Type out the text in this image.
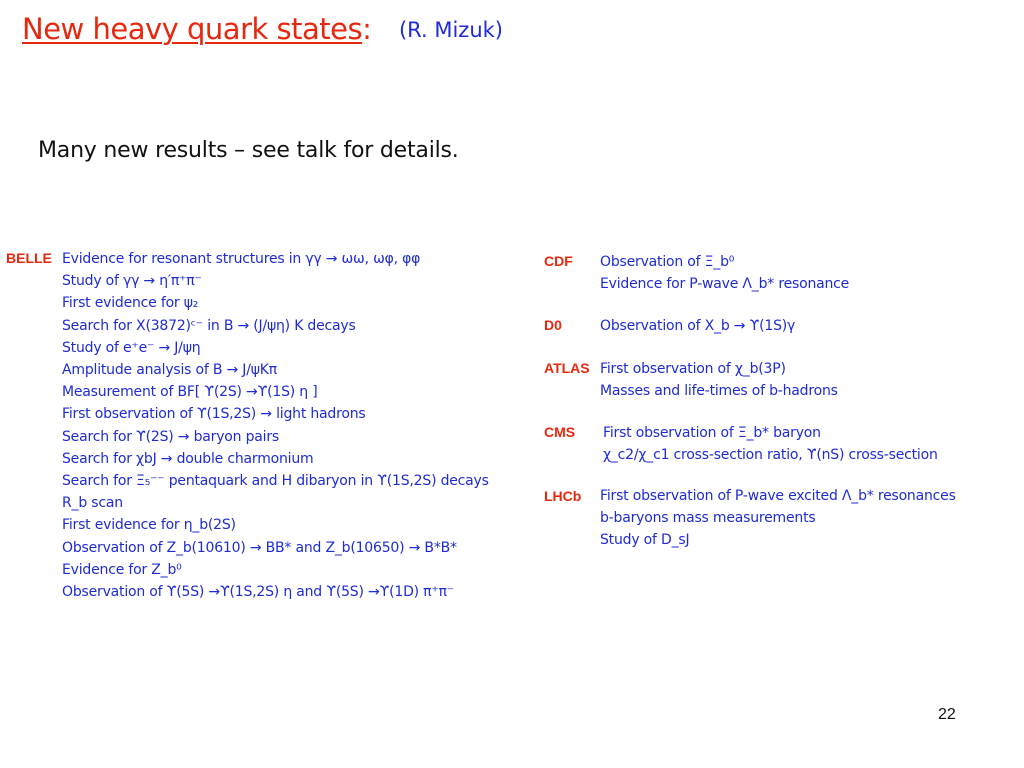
New heavy quark states: (R. Mizuk)
Many new results – see talk for details.
BELLE Evidence for resonant structures in γγ → ωω, ωφ, φφ
Study of γγ → η′π⁺π⁻
First evidence for ψ₂
Search for X(3872)ᶜ⁻ in B → (J/ψη) K decays
Study of e⁺e⁻ → J/ψη
Amplitude analysis of B → J/ψKπ
Measurement of BF[ ϒ(2S) →ϒ(1S) η ]
First observation of ϒ(1S,2S) → light hadrons
Search for ϒ(2S) → baryon pairs
Search for χbJ → double charmonium
Search for Ξ₅⁻⁻ pentaquark and H dibaryon in ϒ(1S,2S) decays
R_b scan
First evidence for η_b(2S)
Observation of Z_b(10610) → BB* and Z_b(10650) → B*B*
Evidence for Z_b⁰
Observation of ϒ(5S) →ϒ(1S,2S) η and ϒ(5S) →ϒ(1D) π⁺π⁻
CDF Observation of Ξ_b⁰
Evidence for P-wave Λ_b* resonance
D0	Observation of X_b → ϒ(1S)γ
ATLAS First observation of χ_b(3P)
Masses and life-times of b-hadrons
CMS First observation of Ξ_b* baryon
χ_c2/χ_c1 cross-section ratio, ϒ(nS) cross-section
LHCb First observation of P-wave excited Λ_b* resonances
b-baryons mass measurements
Study of D_sJ
22
